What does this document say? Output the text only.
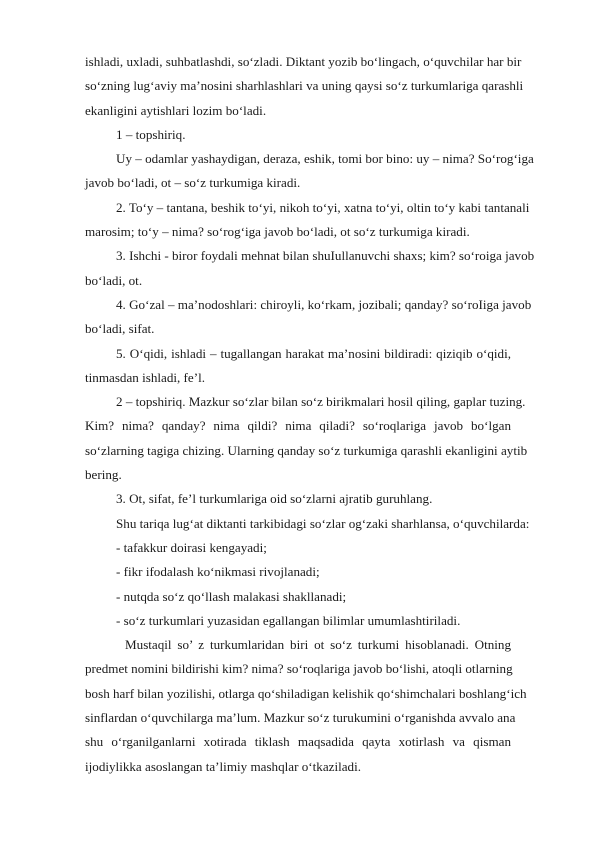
ishladi, uxladi, suhbatlashdi, so‘zladi. Diktant yozib bo‘lingach, o‘quvchilar har bir
so‘zning lug‘aviy ma’nosini sharhlashlari va uning qaysi so‘z turkumlariga qarashli
ekanligini aytishlari lozim bo‘ladi.
1 – topshiriq.
Uy – odamlar yashaydigan, deraza, eshik, tomi bor bino: uy – nima? So‘rog‘iga
javob bo‘ladi, ot – so‘z turkumiga kiradi.
2. To‘y – tantana, beshik to‘yi, nikoh to‘yi, xatna to‘yi, oltin to‘y kabi tantanali
marosim; to‘y – nima? so‘rog‘iga javob bo‘ladi, ot so‘z turkumiga kiradi.
3. Ishchi - biror foydali mehnat bilan shuIullanuvchi shaxs; kim? so‘roiga javob
bo‘ladi, ot.
4. Go‘zal – ma’nodoshlari: chiroyli, ko‘rkam, jozibali; qanday? so‘roIiga javob
bo‘ladi, sifat.
5. O‘qidi, ishladi – tugallangan harakat ma’nosini bildiradi: qiziqib o‘qidi,
tinmasdan ishladi, fe’l.
2 – topshiriq. Mazkur so‘zlar bilan so‘z birikmalari hosil qiling, gaplar tuzing.
Kim? nima? qanday? nima qildi? nima qiladi? so‘roqlariga javob bo‘lgan
so‘zlarning tagiga chizing. Ularning qanday so‘z turkumiga qarashli ekanligini aytib
bering.
3. Ot, sifat, fe’l turkumlariga oid so‘zlarni ajratib guruhlang.
Shu tariqa lug‘at diktanti tarkibidagi so‘zlar og‘zaki sharhlansa, o‘quvchilarda:
- tafakkur doirasi kengayadi;
- fikr ifodalash ko‘nikmasi rivojlanadi;
- nutqda so‘z qo‘llash malakasi shakllanadi;
- so‘z turkumlari yuzasidan egallangan bilimlar umumlashtiriladi.
Mustaqil so’ z turkumlaridan biri ot so‘z turkumi hisoblanadi. Otning
predmet nomini bildirishi kim? nima? so‘roqlariga javob bo‘lishi, atoqli otlarning
bosh harf bilan yozilishi, otlarga qo‘shiladigan kelishik qo‘shimchalari boshlang‘ich
sinflardan o‘quvchilarga ma’lum. Mazkur so‘z turukumini o‘rganishda avvalo ana
shu o‘rganilganlarni xotirada tiklash maqsadida qayta xotirlash va qisman
ijodiylikka asoslangan ta’limiy mashqlar o‘tkaziladi.
